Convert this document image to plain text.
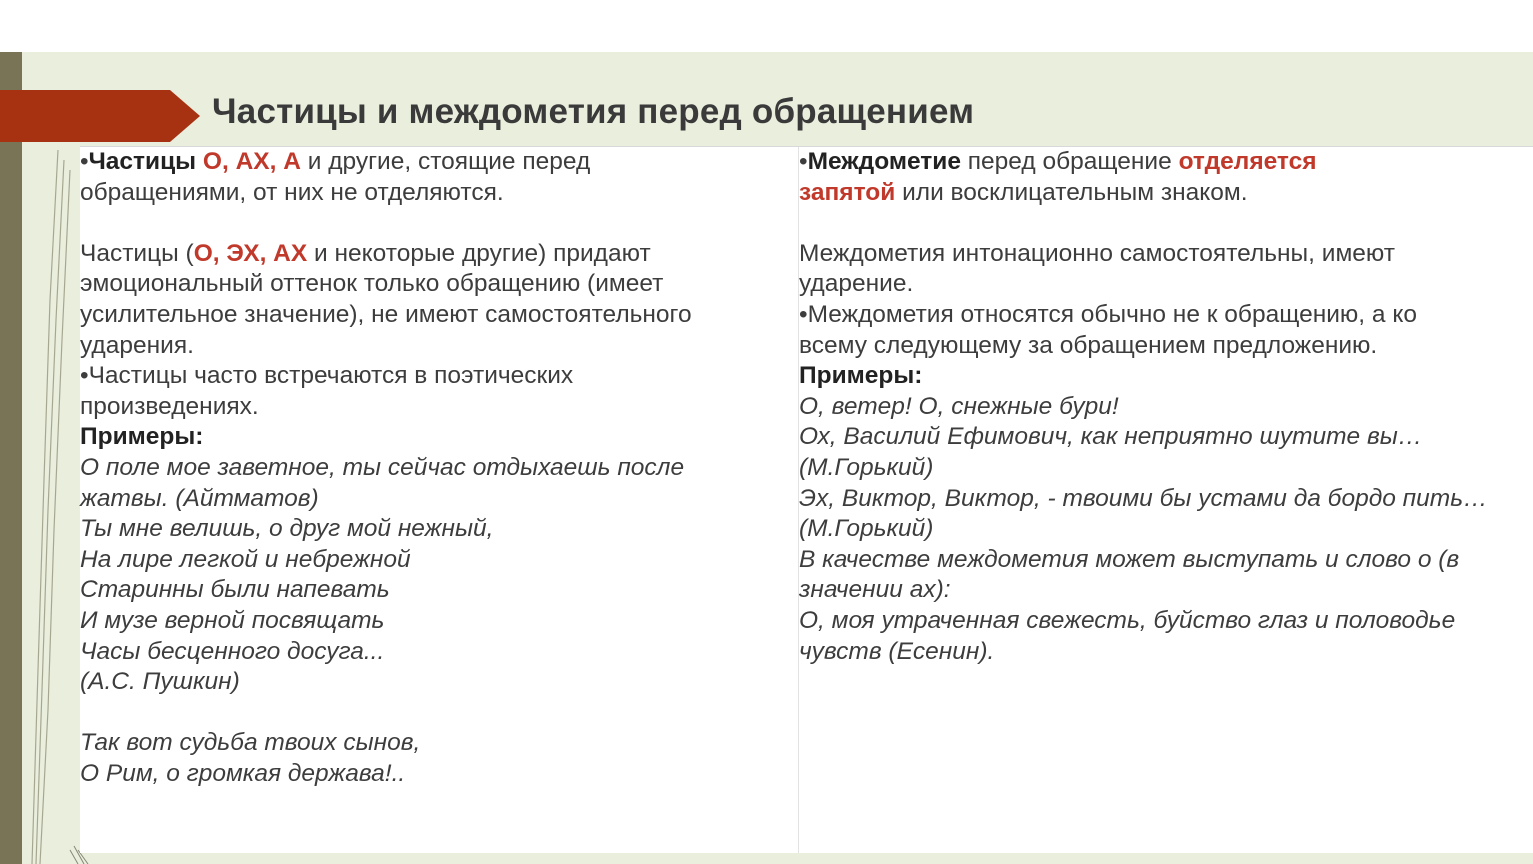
Частицы и междометия перед обращением

•Частицы О, АХ, А и другие, стоящие перед

обращениями, от них не отделяются.

Частицы (О, ЭХ, АХ и некоторые другие) придают

эмоциональный оттенок только обращению (имеет

усилительное значение), не имеют самостоятельного

ударения.

•Частицы часто встречаются в поэтических

произведениях.

Примеры:

О поле мое заветное, ты сейчас отдыхаешь после

жатвы. (Айтматов)

Ты мне велишь, о друг мой нежный,

На лире легкой и небрежной

Старинны были напевать

И музе верной посвящать

Часы бесценного досуга...

(А.С. Пушкин)

Так вот судьба твоих сынов,

О Рим, о громкая держава!..

•Междометие перед обращение отделяется

запятой или восклицательным знаком.

Междометия интонационно самостоятельны, имеют

ударение.

•Междометия относятся обычно не к обращению, а ко

всему следующему за обращением предложению.

Примеры:

О, ветер! О, снежные бури!

Ох, Василий Ефимович, как неприятно шутите вы…

(М.Горький)

Эх, Виктор, Виктор, - твоими бы устами да бордо пить…

(М.Горький)

В качестве междометия может выступать и слово о (в

значении ах):

О, моя утраченная свежесть, буйство глаз и половодье

чувств (Есенин).
